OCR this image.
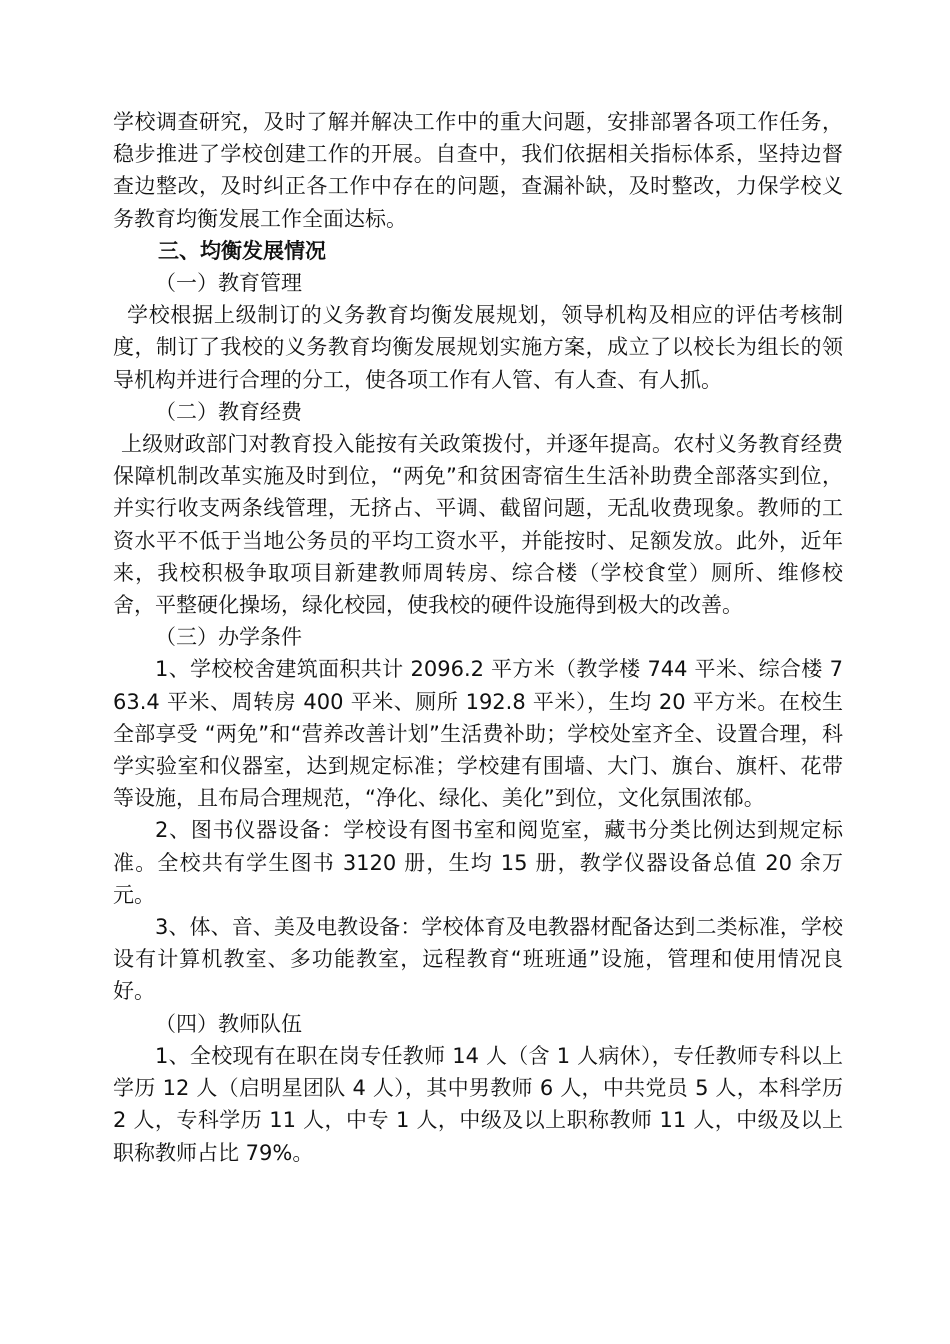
学校调查研究，及时了解并解决工作中的重大问题，安排部署各项工作任务，稳步推进了学校创建工作的开展。自查中，我们依据相关指标体系，坚持边督查边整改，及时纠正各工作中存在的问题，查漏补缺，及时整改，力保学校义务教育均衡发展工作全面达标。

三、均衡发展情况

（一）教育管理

学校根据上级制订的义务教育均衡发展规划，领导机构及相应的评估考核制度，制订了我校的义务教育均衡发展规划实施方案，成立了以校长为组长的领导机构并进行合理的分工，使各项工作有人管、有人查、有人抓。

（二）教育经费

上级财政部门对教育投入能按有关政策拨付，并逐年提高。农村义务教育经费保障机制改革实施及时到位，“两免”和贫困寄宿生生活补助费全部落实到位，并实行收支两条线管理，无挤占、平调、截留问题，无乱收费现象。教师的工资水平不低于当地公务员的平均工资水平，并能按时、足额发放。此外，近年来，我校积极争取项目新建教师周转房、综合楼（学校食堂）厕所、维修校舍，平整硬化操场，绿化校园，使我校的硬件设施得到极大的改善。

（三）办学条件

1、学校校舍建筑面积共计 2096.2 平方米（教学楼 744 平米、综合楼 763.4 平米、周转房 400 平米、厕所 192.8 平米），生均 20 平方米。在校生全部享受 “两免”和“营养改善计划”生活费补助；学校处室齐全、设置合理，科学实验室和仪器室，达到规定标准；学校建有围墙、大门、旗台、旗杆、花带等设施，且布局合理规范，“净化、绿化、美化”到位，文化氛围浓郁。

2、图书仪器设备：学校设有图书室和阅览室，藏书分类比例达到规定标准。全校共有学生图书 3120 册，生均 15 册，教学仪器设备总值 20 余万元。

3、体、音、美及电教设备：学校体育及电教器材配备达到二类标准，学校设有计算机教室、多功能教室，远程教育“班班通”设施，管理和使用情况良好。

（四）教师队伍

1、全校现有在职在岗专任教师 14 人（含 1 人病休），专任教师专科以上学历 12 人（启明星团队 4 人），其中男教师 6 人，中共党员 5 人，本科学历 2 人，专科学历 11 人，中专 1 人，中级及以上职称教师 11 人，中级及以上职称教师占比 79%。
